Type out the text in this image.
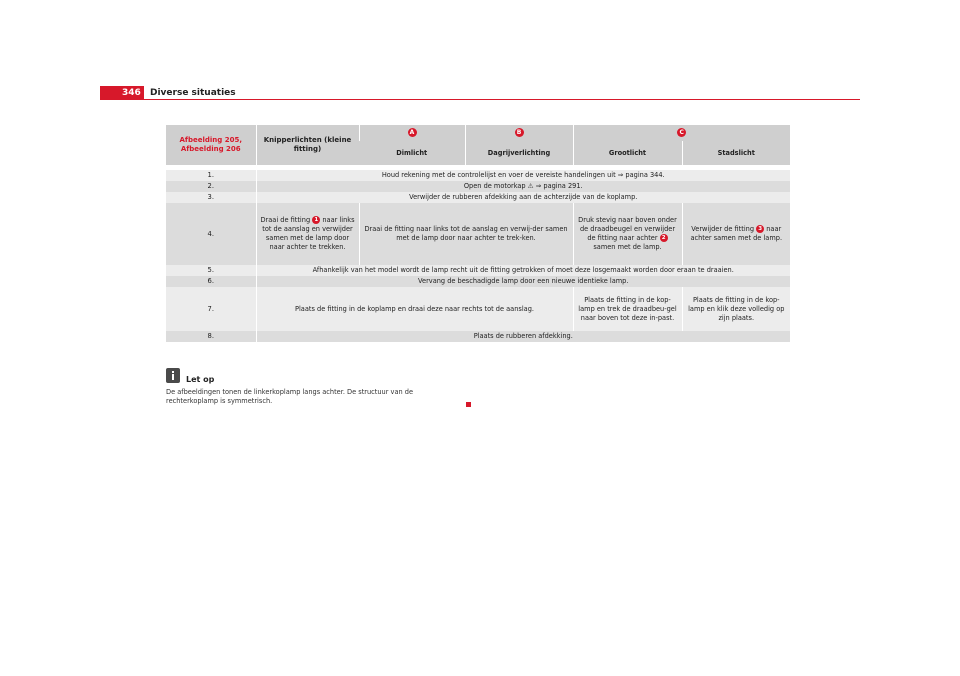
346	Diverse situaties
Afbeelding 205, Afbeelding 206	Knipperlichten (kleine fitting)	A	B	C	
		Dimlicht	Dagrijverlichting	Grootlicht	Stadslicht

1.	Houd rekening met de controlelijst en voer de vereiste handelingen uit ⇒ pagina 344.				
2.	Open de motorkap ⚠ ⇒ pagina 291.				
3.	Verwijder de rubberen afdekking aan de achterzijde van de koplamp.				
4.	Draai de fitting 1 naar links tot de aanslag en verwijder samen met de lamp door naar achter te trekken.	Draai de fitting naar links tot de aanslag en verwij-der samen met de lamp door naar achter te trek-ken.		Druk stevig naar boven onder de draadbeugel en verwijder de fitting naar achter 2 samen met de lamp.	Verwijder de fitting 3 naar achter samen met de lamp.
5.	Afhankelijk van het model wordt de lamp recht uit de fitting getrokken of moet deze losgemaakt worden door eraan te draaien.				
6.	Vervang de beschadigde lamp door een nieuwe identieke lamp.				
7.	Plaats de fitting in de koplamp en draai deze naar rechts tot de aanslag.			Plaats de fitting in de kop-lamp en trek de draadbeu-gel naar boven tot deze in-past.	Plaats de fitting in de kop-lamp en klik deze volledig op zijn plaats.
8.	Plaats de rubberen afdekking.				
Let op
De afbeeldingen tonen de linkerkoplamp langs achter. De structuur van de rechterkoplamp is symmetrisch.
